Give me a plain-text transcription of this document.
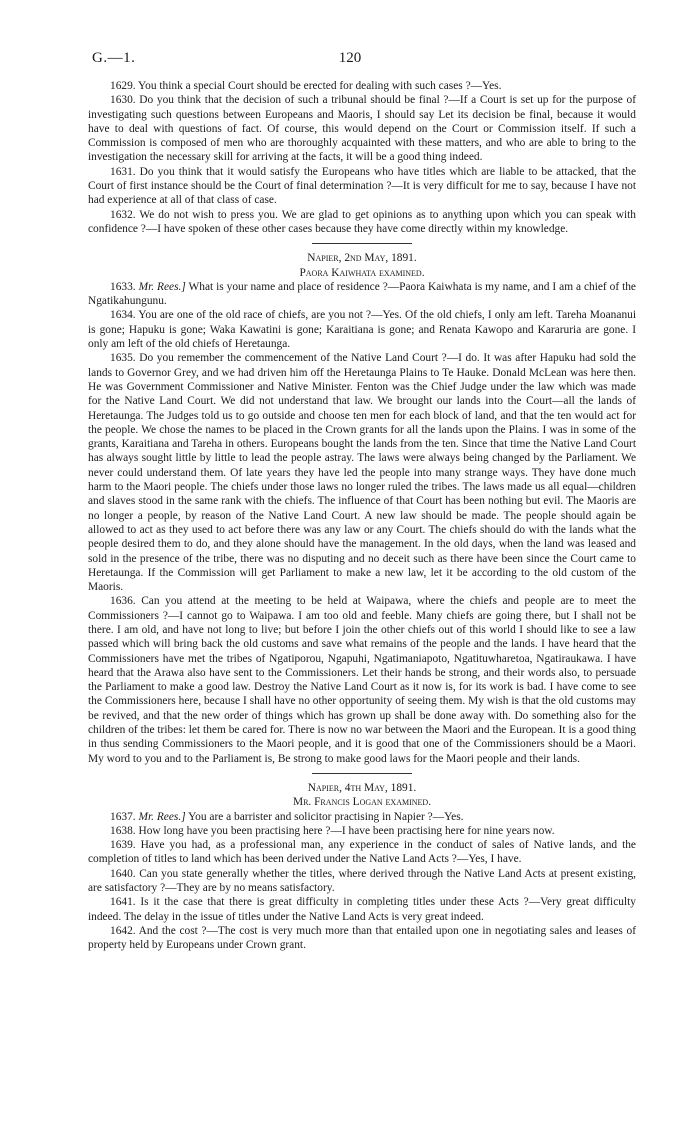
G.—1.	120

1629. You think a special Court should be erected for dealing with such cases ?—Yes.

1630. Do you think that the decision of such a tribunal should be final ?—If a Court is set up for the purpose of investigating such questions between Europeans and Maoris, I should say Let its decision be final, because it would have to deal with questions of fact. Of course, this would depend on the Court or Commission itself. If such a Commission is composed of men who are thoroughly acquainted with these matters, and who are able to bring to the investigation the necessary skill for arriving at the facts, it will be a good thing indeed.

1631. Do you think that it would satisfy the Europeans who have titles which are liable to be attacked, that the Court of first instance should be the Court of final determination ?—It is very difficult for me to say, because I have not had experience at all of that class of case.

1632. We do not wish to press you. We are glad to get opinions as to anything upon which you can speak with confidence ?—I have spoken of these other cases because they have come directly within my knowledge.

Napier, 2nd May, 1891.

Paora Kaiwhata examined.

1633. Mr. Rees.] What is your name and place of residence ?—Paora Kaiwhata is my name, and I am a chief of the Ngatikahungunu.

1634. You are one of the old race of chiefs, are you not ?—Yes. Of the old chiefs, I only am left. Tareha Moananui is gone; Hapuku is gone; Waka Kawatini is gone; Karaitiana is gone; and Renata Kawopo and Kararuria are gone. I only am left of the old chiefs of Heretaunga.

1635. Do you remember the commencement of the Native Land Court ?—I do. It was after Hapuku had sold the lands to Governor Grey, and we had driven him off the Heretaunga Plains to Te Hauke. Donald McLean was here then. He was Government Commissioner and Native Minister. Fenton was the Chief Judge under the law which was made for the Native Land Court. We did not understand that law. We brought our lands into the Court—all the lands of Heretaunga. The Judges told us to go outside and choose ten men for each block of land, and that the ten would act for the people. We chose the names to be placed in the Crown grants for all the lands upon the Plains. I was in some of the grants, Karaitiana and Tareha in others. Europeans bought the lands from the ten. Since that time the Native Land Court has always sought little by little to lead the people astray. The laws were always being changed by the Parliament. We never could understand them. Of late years they have led the people into many strange ways. They have done much harm to the Maori people. The chiefs under those laws no longer ruled the tribes. The laws made us all equal—children and slaves stood in the same rank with the chiefs. The influence of that Court has been nothing but evil. The Maoris are no longer a people, by reason of the Native Land Court. A new law should be made. The people should again be allowed to act as they used to act before there was any law or any Court. The chiefs should do with the lands what the people desired them to do, and they alone should have the management. In the old days, when the land was leased and sold in the presence of the tribe, there was no disputing and no deceit such as there have been since the Court came to Heretaunga. If the Commission will get Parliament to make a new law, let it be according to the old custom of the Maoris.

1636. Can you attend at the meeting to be held at Waipawa, where the chiefs and people are to meet the Commissioners ?—I cannot go to Waipawa. I am too old and feeble. Many chiefs are going there, but I shall not be there. I am old, and have not long to live; but before I join the other chiefs out of this world I should like to see a law passed which will bring back the old customs and save what remains of the people and the lands. I have heard that the Commissioners have met the tribes of Ngatiporou, Ngapuhi, Ngatimaniapoto, Ngatituwharetoa, Ngatiraukawa. I have heard that the Arawa also have sent to the Commissioners. Let their hands be strong, and their words also, to persuade the Parliament to make a good law. Destroy the Native Land Court as it now is, for its work is bad. I have come to see the Commissioners here, because I shall have no other opportunity of seeing them. My wish is that the old customs may be revived, and that the new order of things which has grown up shall be done away with. Do something also for the children of the tribes: let them be cared for. There is now no war between the Maori and the European. It is a good thing in thus sending Commissioners to the Maori people, and it is good that one of the Commissioners should be a Maori. My word to you and to the Parliament is, Be strong to make good laws for the Maori people and their lands.

Napier, 4th May, 1891.

Mr. Francis Logan examined.

1637. Mr. Rees.] You are a barrister and solicitor practising in Napier ?—Yes.

1638. How long have you been practising here ?—I have been practising here for nine years now.

1639. Have you had, as a professional man, any experience in the conduct of sales of Native lands, and the completion of titles to land which has been derived under the Native Land Acts ?—Yes, I have.

1640. Can you state generally whether the titles, where derived through the Native Land Acts at present existing, are satisfactory ?—They are by no means satisfactory.

1641. Is it the case that there is great difficulty in completing titles under these Acts ?—Very great difficulty indeed. The delay in the issue of titles under the Native Land Acts is very great indeed.

1642. And the cost ?—The cost is very much more than that entailed upon one in negotiating sales and leases of property held by Europeans under Crown grant.
